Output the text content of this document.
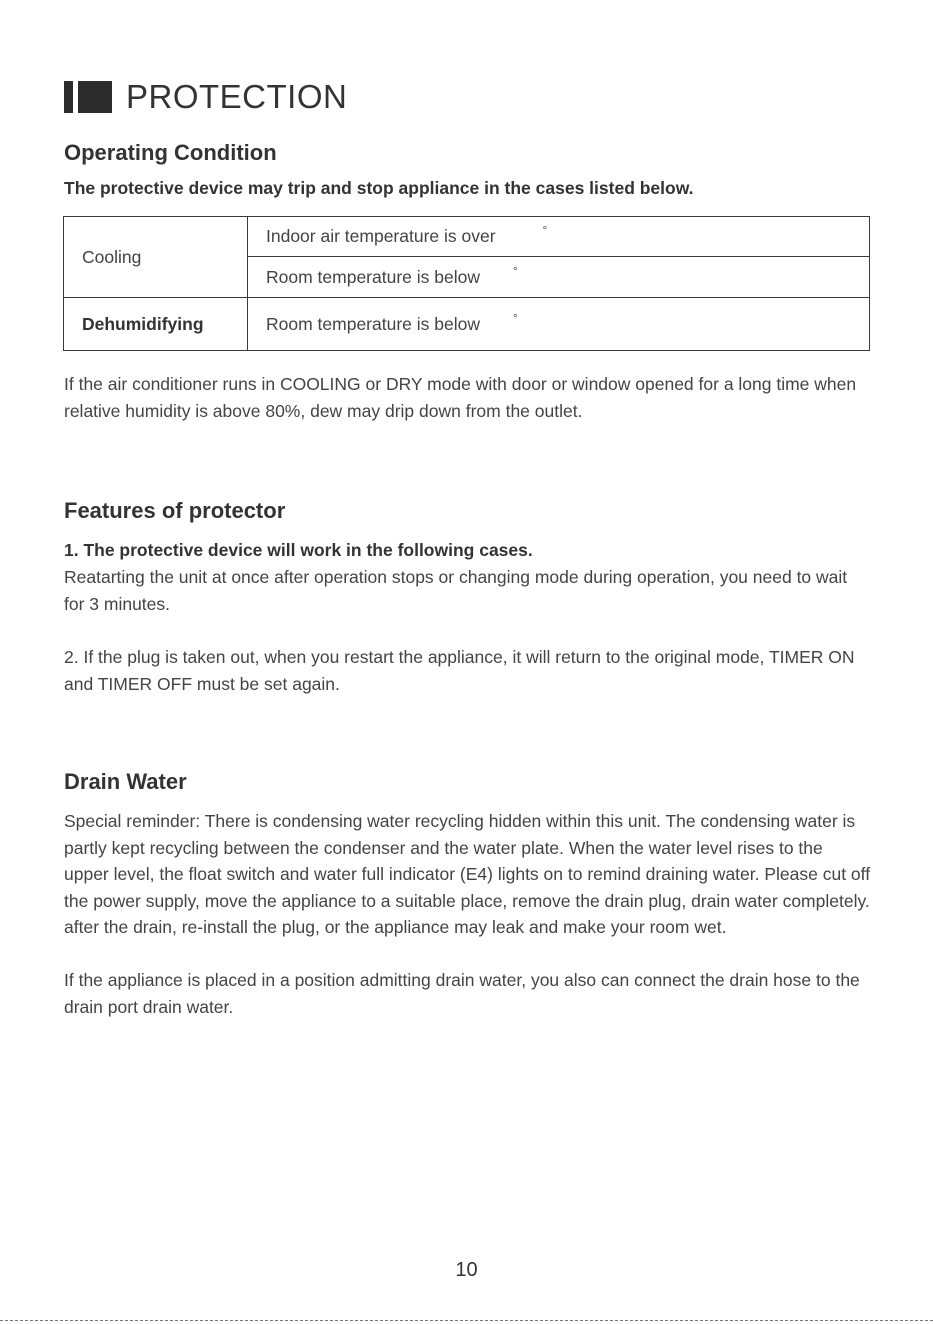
PROTECTION
Operating Condition

The protective device may trip and stop appliance in the cases listed below.

Cooling	Indoor air temperature is over °
	Room temperature is below °
Dehumidifying	Room temperature is below °

If the air conditioner runs in COOLING or DRY mode with door or window opened for a long time when relative humidity is above 80%, dew may drip down from the outlet.

Features of protector

1. The protective device will work in the following cases.

Reatarting the unit at once after operation stops or changing mode during operation, you need to wait for 3 minutes.

2. If the plug is taken out, when you restart the appliance, it will return to the original mode, TIMER ON and TIMER OFF must be set again.

Drain Water

Special reminder: There is condensing water recycling hidden within this unit. The condensing water is partly kept recycling between the condenser and the water plate. When the water level rises to the upper level, the float switch and water full indicator (E4) lights on to remind draining water. Please cut off the power supply, move the appliance to a suitable place, remove the drain plug, drain water completely. after the drain, re-install the plug, or the appliance may leak and make your room wet.

If the appliance is placed in a position admitting drain water, you also can connect the drain hose to the drain port drain water.

10
